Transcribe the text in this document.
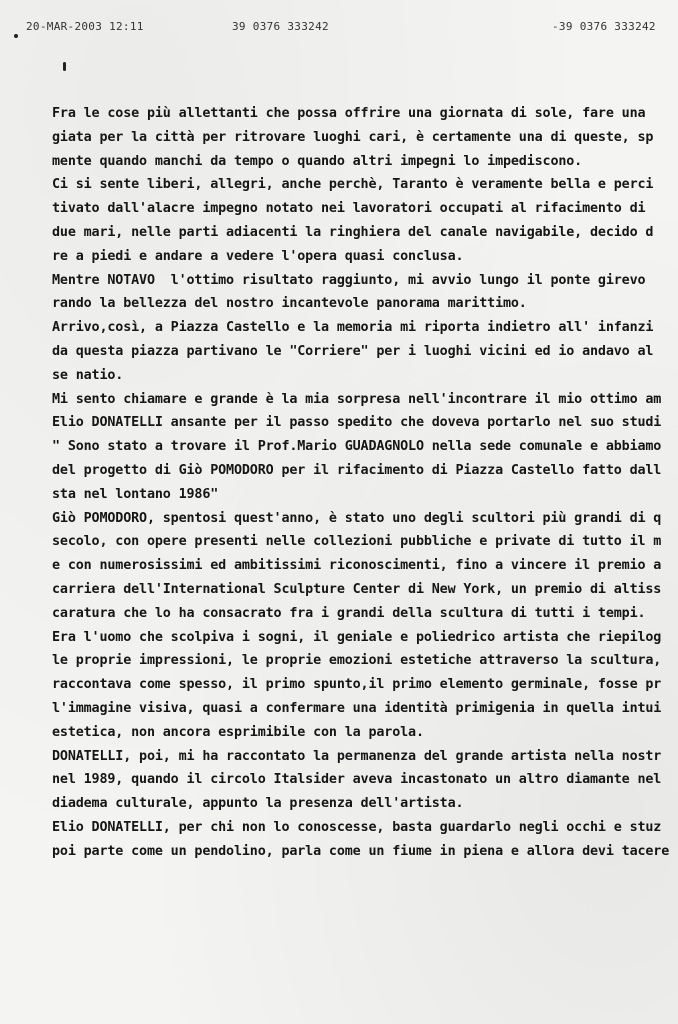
20-MAR-2003 12:11	39 0376 333242	-39 0376 333242
Fra le cose più allettanti che possa offrire una giornata di sole, fare una
giata per la città per ritrovare luoghi cari, è certamente una di queste, sp
mente quando manchi da tempo o quando altri impegni lo impediscono.
Ci si sente liberi, allegri, anche perchè, Taranto è veramente bella e perci
tivato dall'alacre impegno notato nei lavoratori occupati al rifacimento di
due mari, nelle parti adiacenti la ringhiera del canale navigabile, decido d
re a piedi e andare a vedere l'opera quasi conclusa.
Mentre NOTAVO  l'ottimo risultato raggiunto, mi avvio lungo il ponte girevo
rando la bellezza del nostro incantevole panorama marittimo.
Arrivo,così, a Piazza Castello e la memoria mi riporta indietro all' infanzi
da questa piazza partivano le "Corriere" per i luoghi vicini ed io andavo al
se natio.
Mi sento chiamare e grande è la mia sorpresa nell'incontrare il mio ottimo am
Elio DONATELLI ansante per il passo spedito che doveva portarlo nel suo studi
" Sono stato a trovare il Prof.Mario GUADAGNOLO nella sede comunale e abbiamo
del progetto di Giò POMODORO per il rifacimento di Piazza Castello fatto dall
sta nel lontano 1986"
Giò POMODORO, spentosi quest'anno, è stato uno degli scultori più grandi di q
secolo, con opere presenti nelle collezioni pubbliche e private di tutto il m
e con numerosissimi ed ambitissimi riconoscimenti, fino a vincere il premio a
carriera dell'International Sculpture Center di New York, un premio di altiss
caratura che lo ha consacrato fra i grandi della scultura di tutti i tempi.
Era l'uomo che scolpiva i sogni, il geniale e poliedrico artista che riepilog
le proprie impressioni, le proprie emozioni estetiche attraverso la scultura,
raccontava come spesso, il primo spunto,il primo elemento germinale, fosse pr
l'immagine visiva, quasi a confermare una identità primigenia in quella intui
estetica, non ancora esprimibile con la parola.
DONATELLI, poi, mi ha raccontato la permanenza del grande artista nella nostr
nel 1989, quando il circolo Italsider aveva incastonato un altro diamante nel
diadema culturale, appunto la presenza dell'artista.
Elio DONATELLI, per chi non lo conoscesse, basta guardarlo negli occhi e stuz
poi parte come un pendolino, parla come un fiume in piena e allora devi tacere
